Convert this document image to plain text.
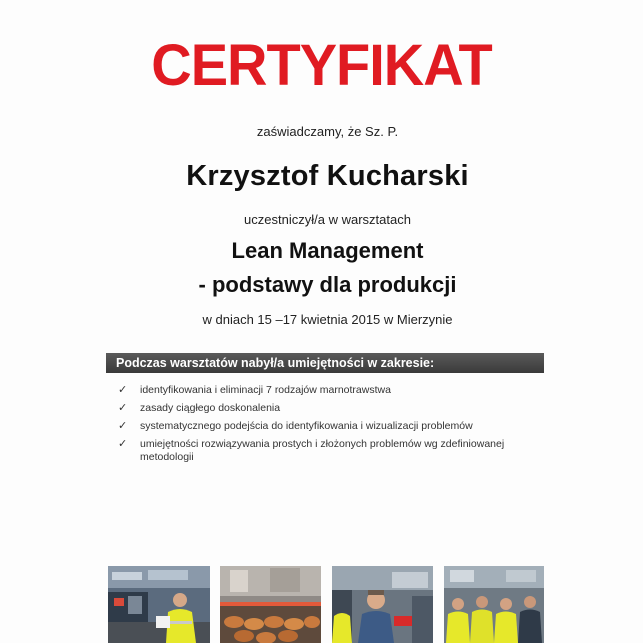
CERTYFIKAT
zaświadczamy, że Sz. P.
Krzysztof Kucharski
uczestniczył/a w warsztatach
Lean Management
- podstawy dla produkcji
w dniach 15 –17 kwietnia 2015 w Mierzynie
Podczas warsztatów nabył/a umiejętności w zakresie:
✓ identyfikowania i eliminacji 7 rodzajów marnotrawstwa
✓ zasady ciągłego doskonalenia
✓ systematycznego podejścia do identyfikowania i wizualizacji problemów
✓ umiejętności rozwiązywania prostych i złożonych problemów wg zdefiniowanej metodologii
